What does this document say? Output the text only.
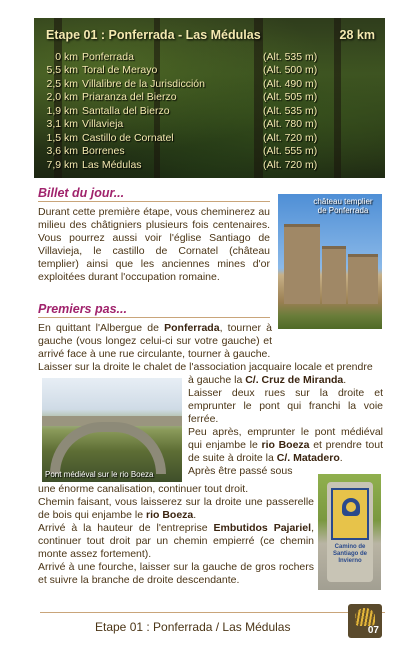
Etape 01 : Ponferrada - Las Médulas	28 km
0 km Ponferrada	(Alt. 535 m)
5,5 km Toral de Merayo	(Alt. 500 m)
2,5 km Villalibre de la Jurisdicción	(Alt. 490 m)
2,0 km Priaranza del Bierzo	(Alt. 505 m)
1,9 km Santalla del Bierzo	(Alt. 535 m)
3,1 km Villavieja	(Alt. 780 m)
1,5 km Castillo de Cornatel	(Alt. 720 m)
3,6 km Borrenes	(Alt. 555 m)
7,9 km Las Médulas	(Alt. 720 m)
Billet du jour...
Durant cette première étape, vous cheminerez au milieu des châtigniers plusieurs fois centenaires. Vous pourrez aussi voir l'église Santiago de Villavieja, le castillo de Cornatel (château templier) ainsi que les anciennes mines d'or exploitées durant l'occupation romaine.
château templier de Ponferrada
Premiers pas...
En quittant l'Albergue de Ponferrada, tourner à gauche (vous longez celui-ci sur votre gauche) et arrivé face à une rue circulante, tourner à gauche.
Laisser sur la droite le chalet de l'association jacquaire locale et prendre
Pont médiéval sur le rio Boeza
à gauche la C/. Cruz de Miranda.
Laisser deux rues sur la droite et emprunter le pont qui franchi la voie ferrée.
Peu après, emprunter le pont médiéval qui enjambe le rio Boeza et prendre tout de suite à droite la C/. Matadero.
Après être passé sous
Camino de Santiago de Invierno
une énorme canalisation, continuer tout droit.
Chemin faisant, vous laisserez sur la droite une passerelle de bois qui enjambe le rio Boeza.
Arrivé à la hauteur de l'entreprise Embutidos Pajariel, continuer tout droit par un chemin empierré (ce chemin monte assez fortement).
Arrivé à une fourche, laisser sur la gauche de gros rochers et suivre la branche de droite descendante.
Etape 01 : Ponferrada / Las Médulas	07
